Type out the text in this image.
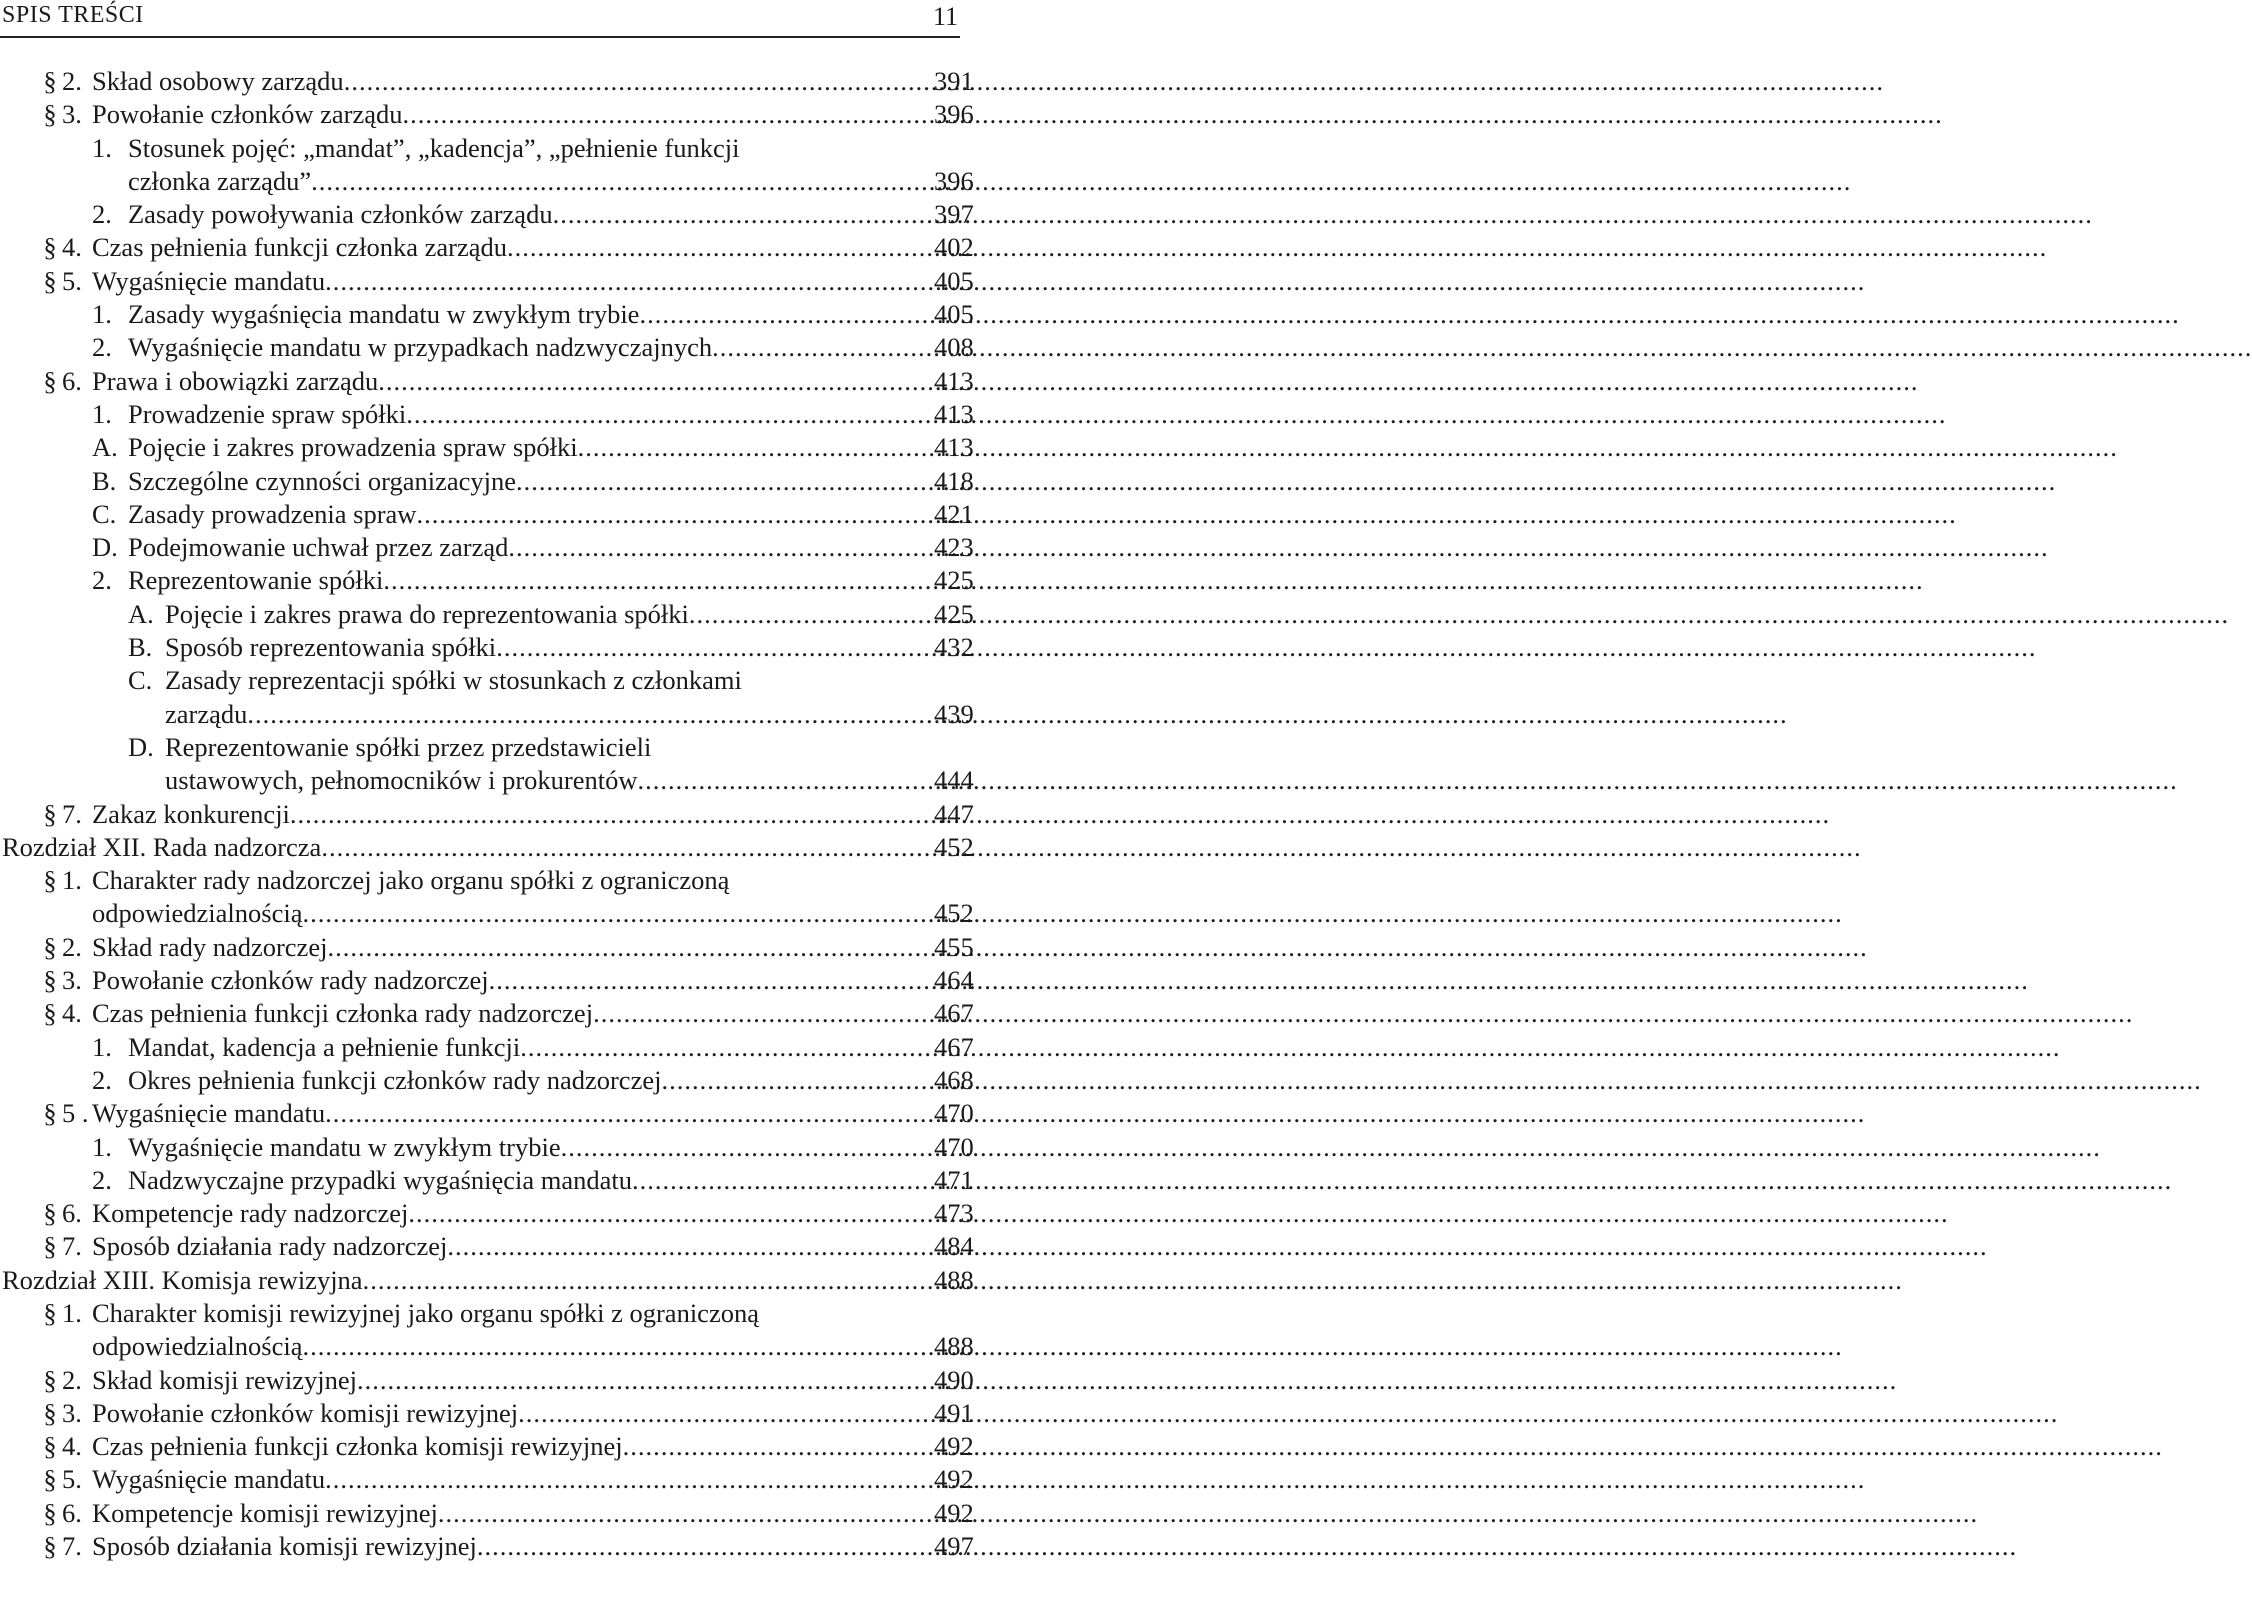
SPIS TREŚCI	11
§ 2. Skład osobowy zarządu .....	391
§ 3. Powołanie członków zarządu .....	396
1. Stosunek pojęć: „mandat”, „kadencja”, „pełnienie funkcji
członka zarządu” .....	396
2. Zasady powoływania członków zarządu .....	397
§ 4. Czas pełnienia funkcji członka zarządu .....	402
§ 5. Wygaśnięcie mandatu .....	405
1. Zasady wygaśnięcia mandatu w zwykłym trybie .....	405
2. Wygaśnięcie mandatu w przypadkach nadzwyczajnych .....	408
§ 6. Prawa i obowiązki zarządu .....	413
1. Prowadzenie spraw spółki .....	413
A. Pojęcie i zakres prowadzenia spraw spółki .....	413
B. Szczególne czynności organizacyjne .....	418
C. Zasady prowadzenia spraw .....	421
D. Podejmowanie uchwał przez zarząd .....	423
2. Reprezentowanie spółki .....	425
A. Pojęcie i zakres prawa do reprezentowania spółki .....	425
B. Sposób reprezentowania spółki .....	432
C. Zasady reprezentacji spółki w stosunkach z członkami
zarządu .....	439
D. Reprezentowanie spółki przez przedstawicieli
ustawowych, pełnomocników i prokurentów .....	444
§ 7. Zakaz konkurencji .....	447
Rozdział XII. Rada nadzorcza .....	452
§ 1. Charakter rady nadzorczej jako organu spółki z ograniczoną
odpowiedzialnością .....	452
§ 2. Skład rady nadzorczej .....	455
§ 3. Powołanie członków rady nadzorczej .....	464
§ 4. Czas pełnienia funkcji członka rady nadzorczej .....	467
1. Mandat, kadencja a pełnienie funkcji .....	467
2. Okres pełnienia funkcji członków rady nadzorczej .....	468
§ 5 . Wygaśnięcie mandatu .....	470
1. Wygaśnięcie mandatu w zwykłym trybie .....	470
2. Nadzwyczajne przypadki wygaśnięcia mandatu .....	471
§ 6. Kompetencje rady nadzorczej .....	473
§ 7. Sposób działania rady nadzorczej .....	484
Rozdział XIII. Komisja rewizyjna .....	488
§ 1. Charakter komisji rewizyjnej jako organu spółki z ograniczoną
odpowiedzialnością .....	488
§ 2. Skład komisji rewizyjnej .....	490
§ 3. Powołanie członków komisji rewizyjnej .....	491
§ 4. Czas pełnienia funkcji członka komisji rewizyjnej .....	492
§ 5. Wygaśnięcie mandatu .....	492
§ 6. Kompetencje komisji rewizyjnej .....	492
§ 7. Sposób działania komisji rewizyjnej .....	497
